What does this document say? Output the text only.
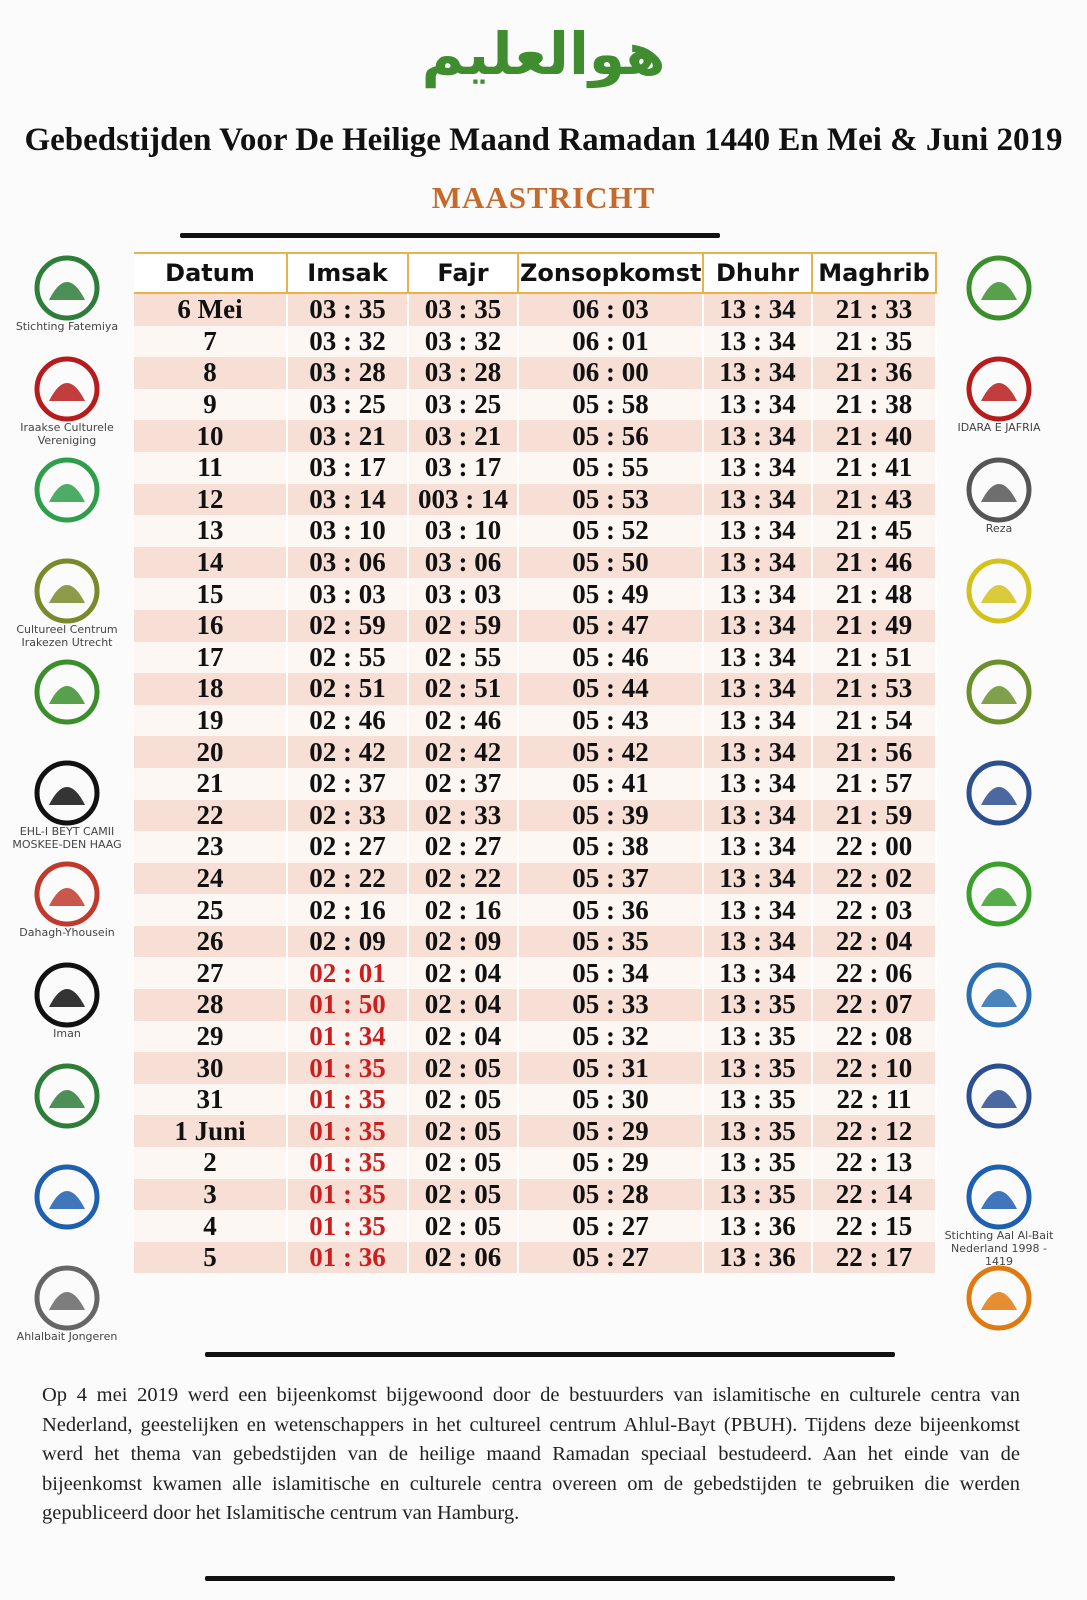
هوالعليم
Gebedstijden Voor De Heilige Maand Ramadan 1440 En Mei & Juni 2019
MAASTRICHT
Datum	Imsak	Fajr	Zonsopkomst	Dhuhr	Maghrib
6 Mei	03 : 35	03 : 35	06 : 03	13 : 34	21 : 33
7	03 : 32	03 : 32	06 : 01	13 : 34	21 : 35
8	03 : 28	03 : 28	06 : 00	13 : 34	21 : 36
9	03 : 25	03 : 25	05 : 58	13 : 34	21 : 38
10	03 : 21	03 : 21	05 : 56	13 : 34	21 : 40
11	03 : 17	03 : 17	05 : 55	13 : 34	21 : 41
12	03 : 14	003 : 14	05 : 53	13 : 34	21 : 43
13	03 : 10	03 : 10	05 : 52	13 : 34	21 : 45
14	03 : 06	03 : 06	05 : 50	13 : 34	21 : 46
15	03 : 03	03 : 03	05 : 49	13 : 34	21 : 48
16	02 : 59	02 : 59	05 : 47	13 : 34	21 : 49
17	02 : 55	02 : 55	05 : 46	13 : 34	21 : 51
18	02 : 51	02 : 51	05 : 44	13 : 34	21 : 53
19	02 : 46	02 : 46	05 : 43	13 : 34	21 : 54
20	02 : 42	02 : 42	05 : 42	13 : 34	21 : 56
21	02 : 37	02 : 37	05 : 41	13 : 34	21 : 57
22	02 : 33	02 : 33	05 : 39	13 : 34	21 : 59
23	02 : 27	02 : 27	05 : 38	13 : 34	22 : 00
24	02 : 22	02 : 22	05 : 37	13 : 34	22 : 02
25	02 : 16	02 : 16	05 : 36	13 : 34	22 : 03
26	02 : 09	02 : 09	05 : 35	13 : 34	22 : 04
27	02 : 01	02 : 04	05 : 34	13 : 34	22 : 06
28	01 : 50	02 : 04	05 : 33	13 : 35	22 : 07
29	01 : 34	02 : 04	05 : 32	13 : 35	22 : 08
30	01 : 35	02 : 05	05 : 31	13 : 35	22 : 10
31	01 : 35	02 : 05	05 : 30	13 : 35	22 : 11
1 Juni	01 : 35	02 : 05	05 : 29	13 : 35	22 : 12
2	01 : 35	02 : 05	05 : 29	13 : 35	22 : 13
3	01 : 35	02 : 05	05 : 28	13 : 35	22 : 14
4	01 : 35	02 : 05	05 : 27	13 : 36	22 : 15
5	01 : 36	02 : 06	05 : 27	13 : 36	22 : 17
Stichting Fatemiya
Iraakse Culturele Vereniging
Cultureel Centrum Irakezen Utrecht
EHL-I BEYT CAMII MOSKEE-DEN HAAG
Dahagh-Yhousein
Iman
Ahlalbait Jongeren
IDARA E JAFRIA
Reza
Stichting Aal Al-Bait Nederland 1998 - 1419
Op 4 mei 2019 werd een bijeenkomst bijgewoond door de bestuurders van islamitische en culturele centra van Nederland, geestelijken en wetenschappers in het cultureel centrum Ahlul-Bayt (PBUH). Tijdens deze bijeenkomst werd het thema van gebedstijden van de heilige maand Ramadan speciaal bestudeerd. Aan het einde van de bijeenkomst kwamen alle islamitische en culturele centra overeen om de gebedstijden te gebruiken die werden gepubliceerd door het Islamitische centrum van Hamburg.
